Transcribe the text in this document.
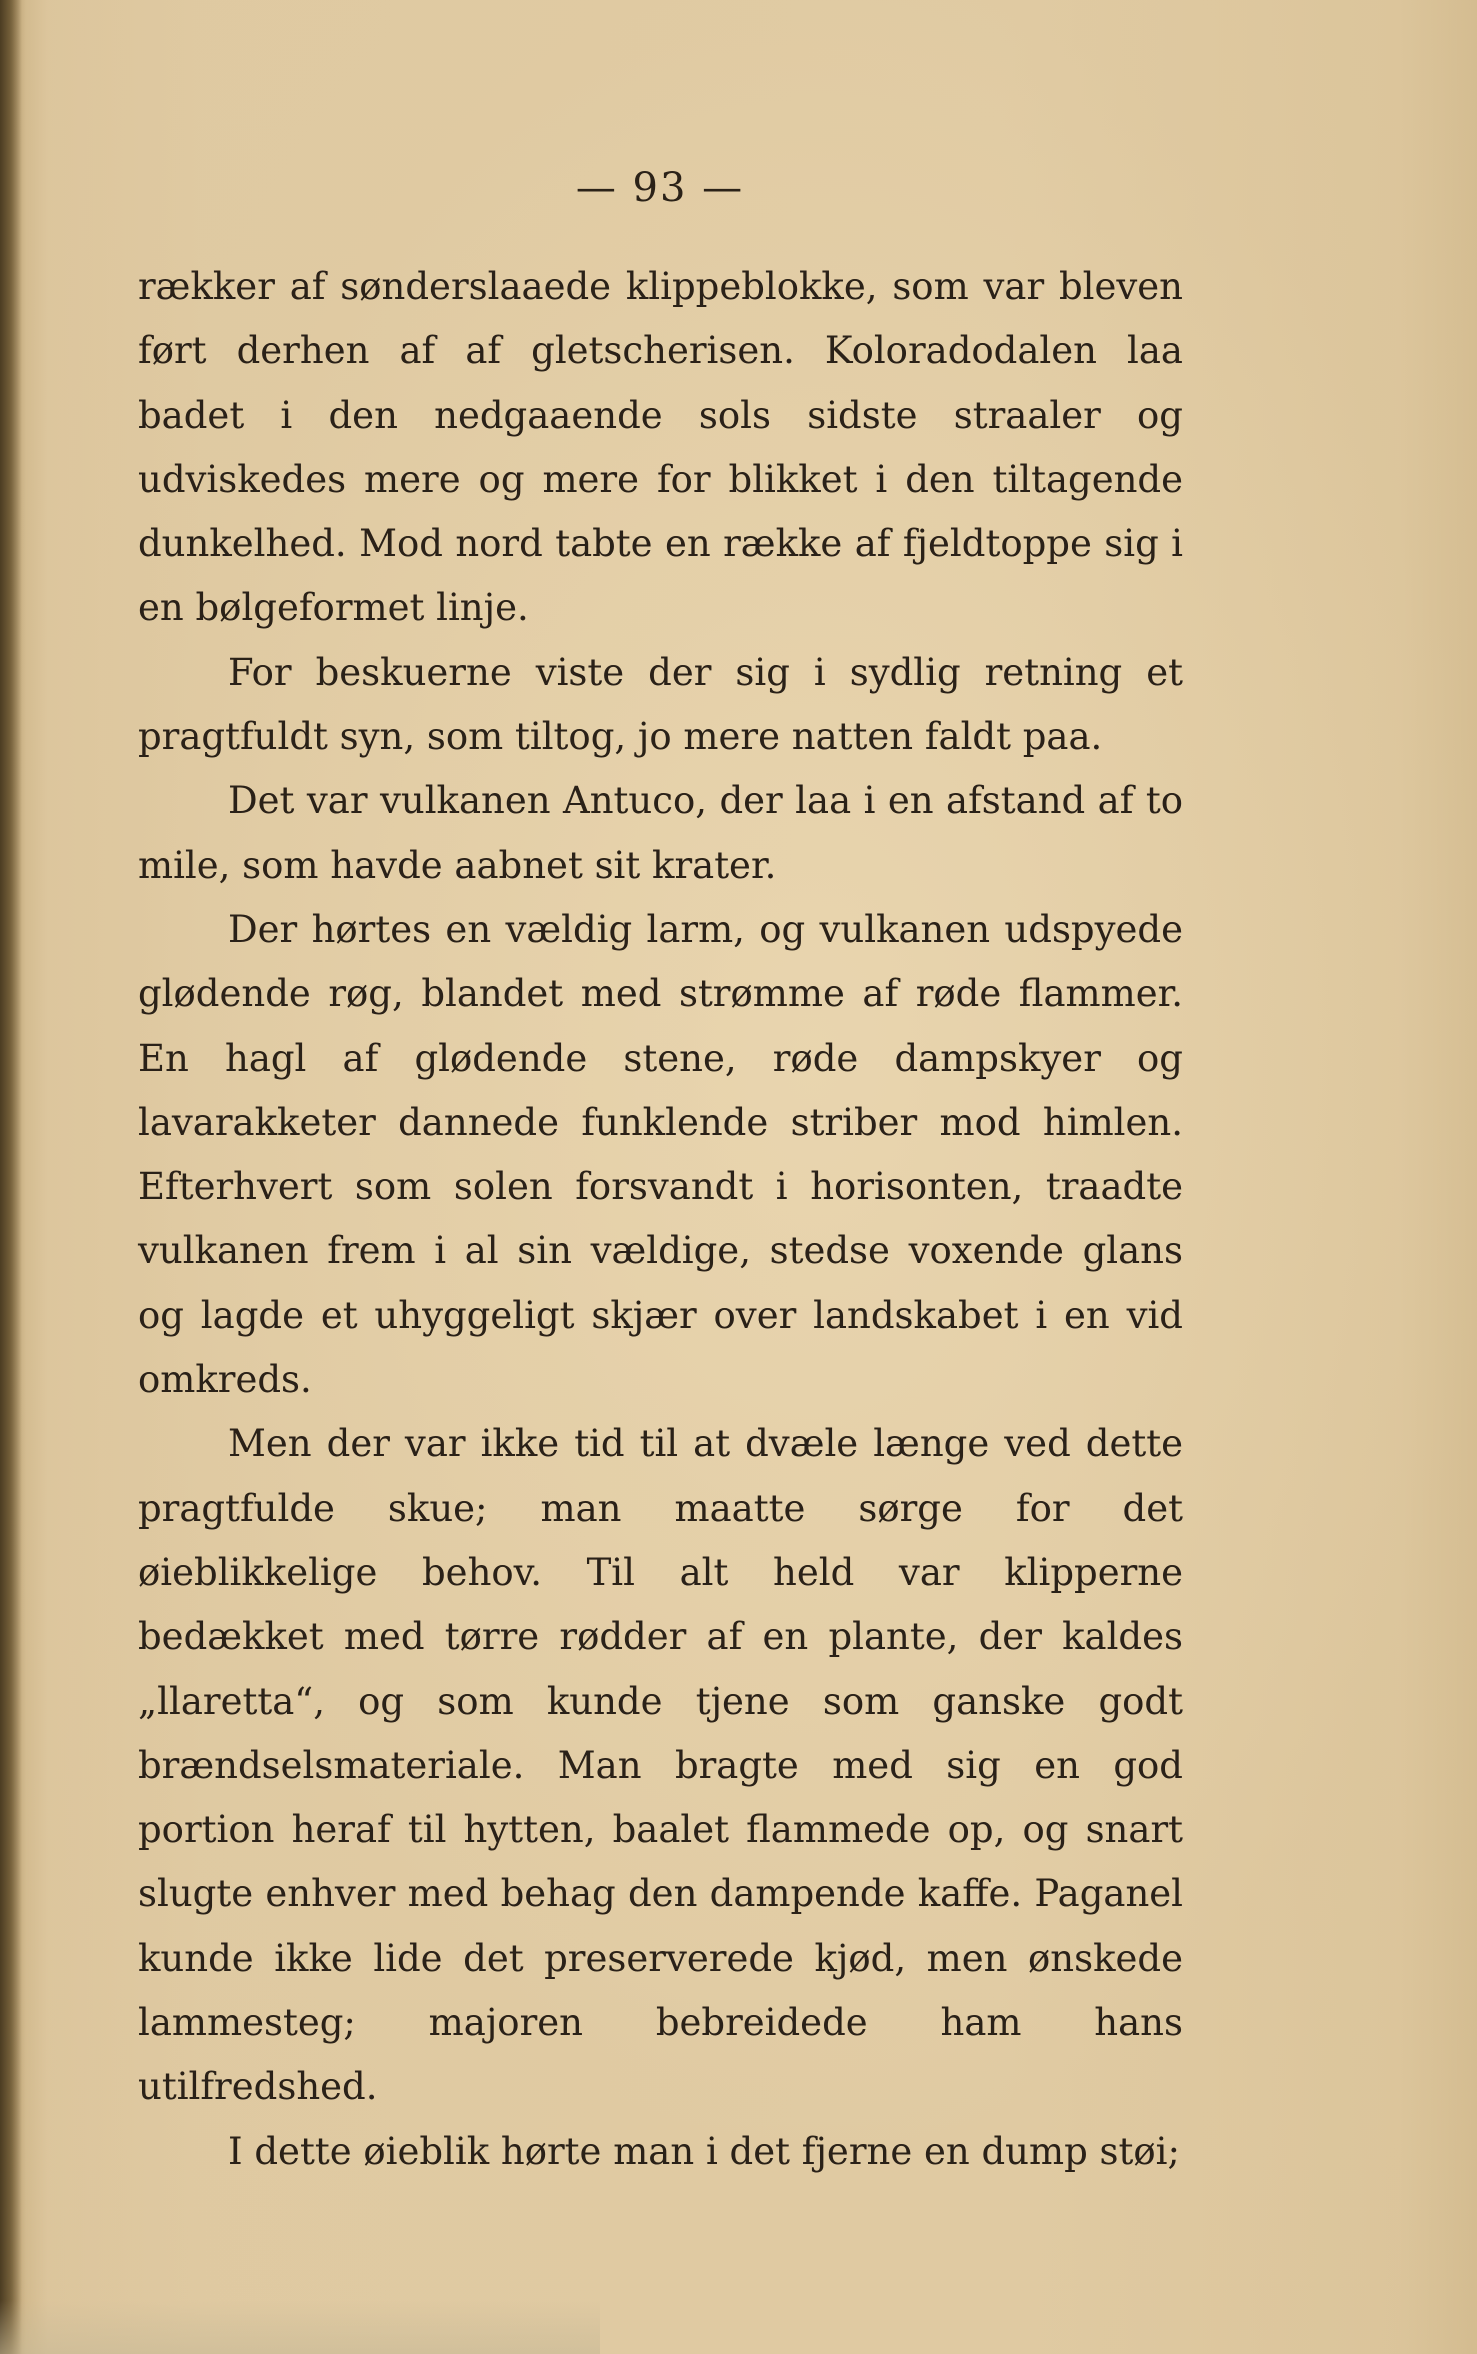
— 93 —

rækker af sønderslaaede klippeblokke, som var bleven ført derhen af af gletscherisen. Koloradodalen laa badet i den nedgaaende sols sidste straaler og udviskedes mere og mere for blikket i den tiltagende dunkelhed. Mod nord tabte en række af fjeldtoppe sig i en bølgeformet linje.

For beskuerne viste der sig i sydlig retning et pragtfuldt syn, som tiltog, jo mere natten faldt paa.

Det var vulkanen Antuco, der laa i en afstand af to mile, som havde aabnet sit krater.

Der hørtes en vældig larm, og vulkanen udspyede glødende røg, blandet med strømme af røde flammer. En hagl af glødende stene, røde dampskyer og lavarakketer dannede funklende striber mod himlen. Efterhvert som solen forsvandt i horisonten, traadte vulkanen frem i al sin vældige, stedse voxende glans og lagde et uhyggeligt skjær over landskabet i en vid omkreds.

Men der var ikke tid til at dvæle længe ved dette pragtfulde skue; man maatte sørge for det øieblikkelige behov. Til alt held var klipperne bedækket med tørre rødder af en plante, der kaldes „llaretta“, og som kunde tjene som ganske godt brændselsmateriale. Man bragte med sig en god portion heraf til hytten, baalet flammede op, og snart slugte enhver med behag den dampende kaffe. Paganel kunde ikke lide det preserverede kjød, men ønskede lammesteg; majoren bebreidede ham hans utilfredshed.

I dette øieblik hørte man i det fjerne en dump støi;
